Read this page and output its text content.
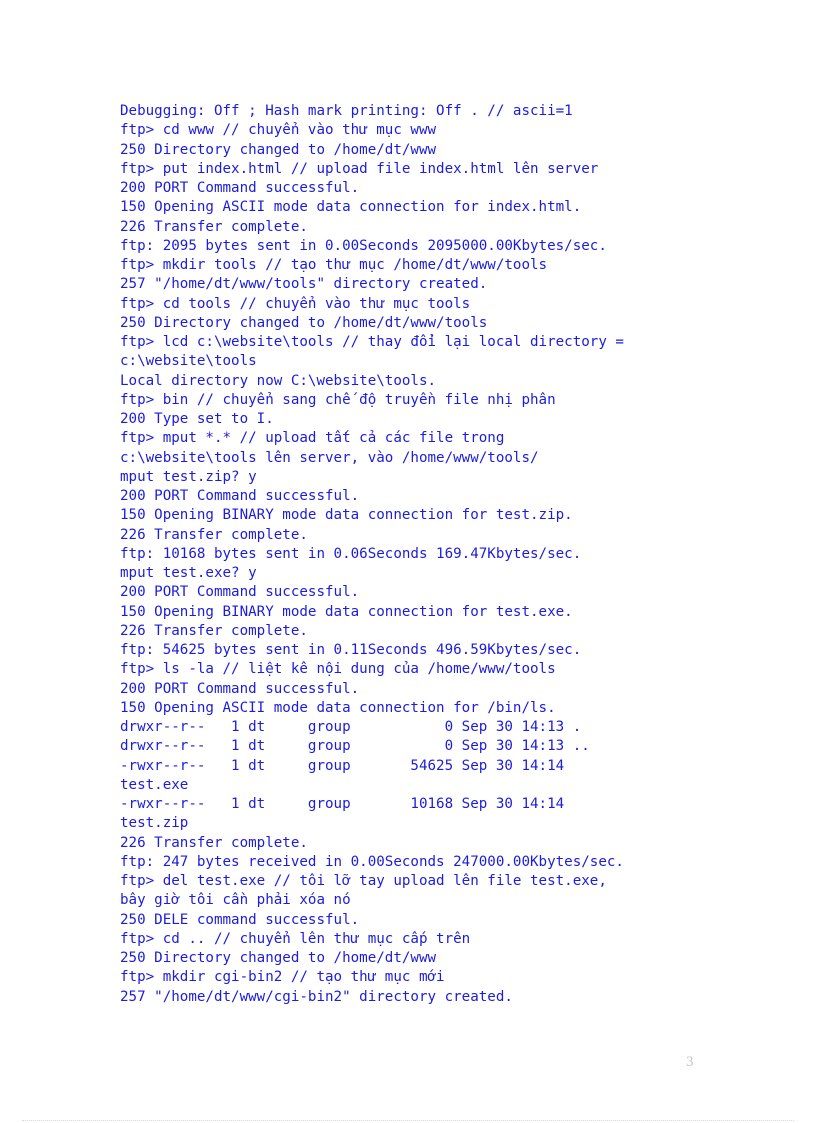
Debugging: Off ; Hash mark printing: Off . // ascii=1
ftp> cd www // chuyển vào thư mục www
250 Directory changed to /home/dt/www
ftp> put index.html // upload file index.html lên server
200 PORT Command successful.
150 Opening ASCII mode data connection for index.html.
226 Transfer complete.
ftp: 2095 bytes sent in 0.00Seconds 2095000.00Kbytes/sec.
ftp> mkdir tools // tạo thư mục /home/dt/www/tools
257 "/home/dt/www/tools" directory created.
ftp> cd tools // chuyển vào thư mục tools
250 Directory changed to /home/dt/www/tools
ftp> lcd c:\website\tools // thay đổi lại local directory =
c:\website\tools
Local directory now C:\website\tools.
ftp> bin // chuyển sang chế độ truyền file nhị phân
200 Type set to I.
ftp> mput *.* // upload tất cả các file trong
c:\website\tools lên server, vào /home/www/tools/
mput test.zip? y
200 PORT Command successful.
150 Opening BINARY mode data connection for test.zip.
226 Transfer complete.
ftp: 10168 bytes sent in 0.06Seconds 169.47Kbytes/sec.
mput test.exe? y
200 PORT Command successful.
150 Opening BINARY mode data connection for test.exe.
226 Transfer complete.
ftp: 54625 bytes sent in 0.11Seconds 496.59Kbytes/sec.
ftp> ls -la // liệt kê nội dung của /home/www/tools
200 PORT Command successful.
150 Opening ASCII mode data connection for /bin/ls.
drwxr--r--   1 dt     group           0 Sep 30 14:13 .
drwxr--r--   1 dt     group           0 Sep 30 14:13 ..
-rwxr--r--   1 dt     group       54625 Sep 30 14:14
test.exe
-rwxr--r--   1 dt     group       10168 Sep 30 14:14
test.zip
226 Transfer complete.
ftp: 247 bytes received in 0.00Seconds 247000.00Kbytes/sec.
ftp> del test.exe // tôi lỡ tay upload lên file test.exe,
bây giờ tôi cần phải xóa nó
250 DELE command successful.
ftp> cd .. // chuyển lên thư mục cấp trên
250 Directory changed to /home/dt/www
ftp> mkdir cgi-bin2 // tạo thư mục mới
257 "/home/dt/www/cgi-bin2" directory created.
3
